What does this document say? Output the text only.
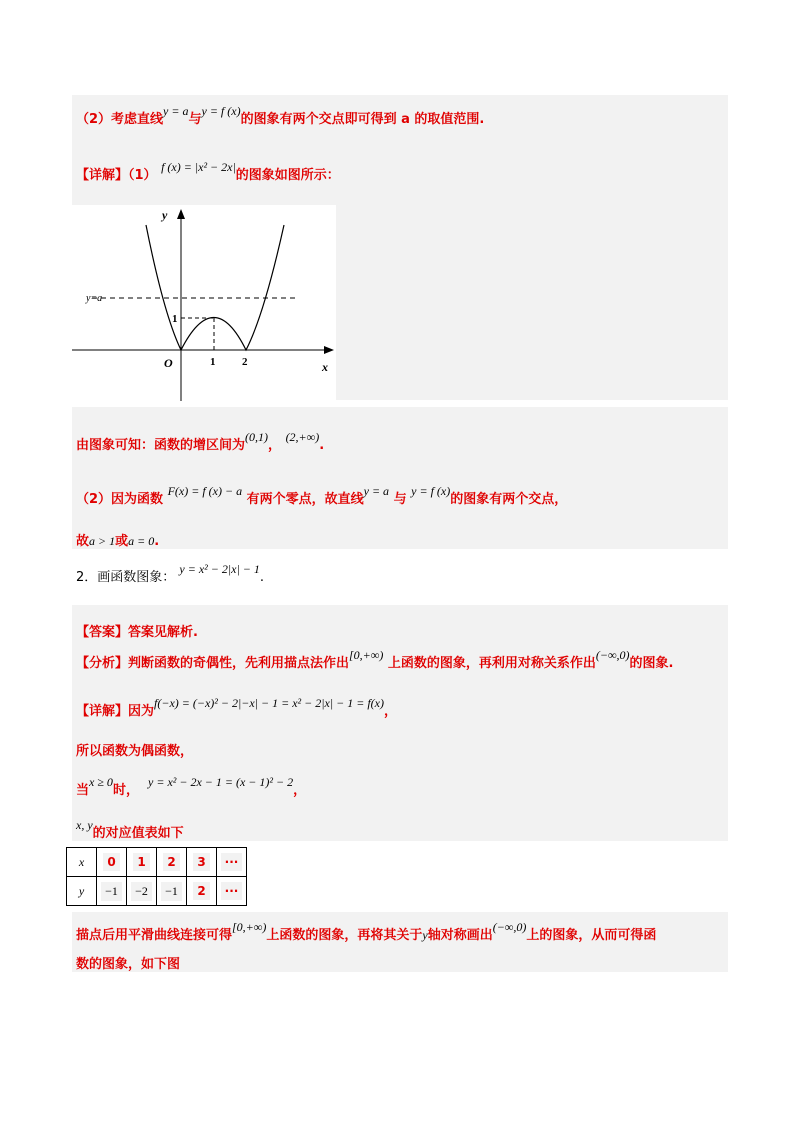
（2）考虑直线y = a与y = f (x)的图象有两个交点即可得到 a 的取值范围.
【详解】（1） f (x) = |x² − 2x|的图象如图所示：
y
x
O
y=a
1 2
1
由图象可知：函数的增区间为(0,1)， (2,+∞).
（2）因为函数 F(x) = f (x) − a 有两个零点，故直线y = a 与 y = f (x)的图象有两个交点，
故a > 1或a = 0.
2．画函数图象： y = x² − 2|x| − 1.
【答案】答案见解析.
【分析】判断函数的奇偶性，先利用描点法作出[0,+∞) 上函数的图象，再利用对称关系作出(−∞,0)的图象.
【详解】因为f(−x) = (−x)² − 2|−x| − 1 = x² − 2|x| − 1 = f(x)，
所以函数为偶函数，
当x ≥ 0时，  y = x² − 2x − 1 = (x − 1)² − 2，
x, y的对应值表如下
x	0	1	2	3	···
y	−1	−2	−1	2	···
描点后用平滑曲线连接可得[0,+∞)上函数的图象，再将其关于y轴对称画出(−∞,0)上的图象，从而可得函
数的图象，如下图
